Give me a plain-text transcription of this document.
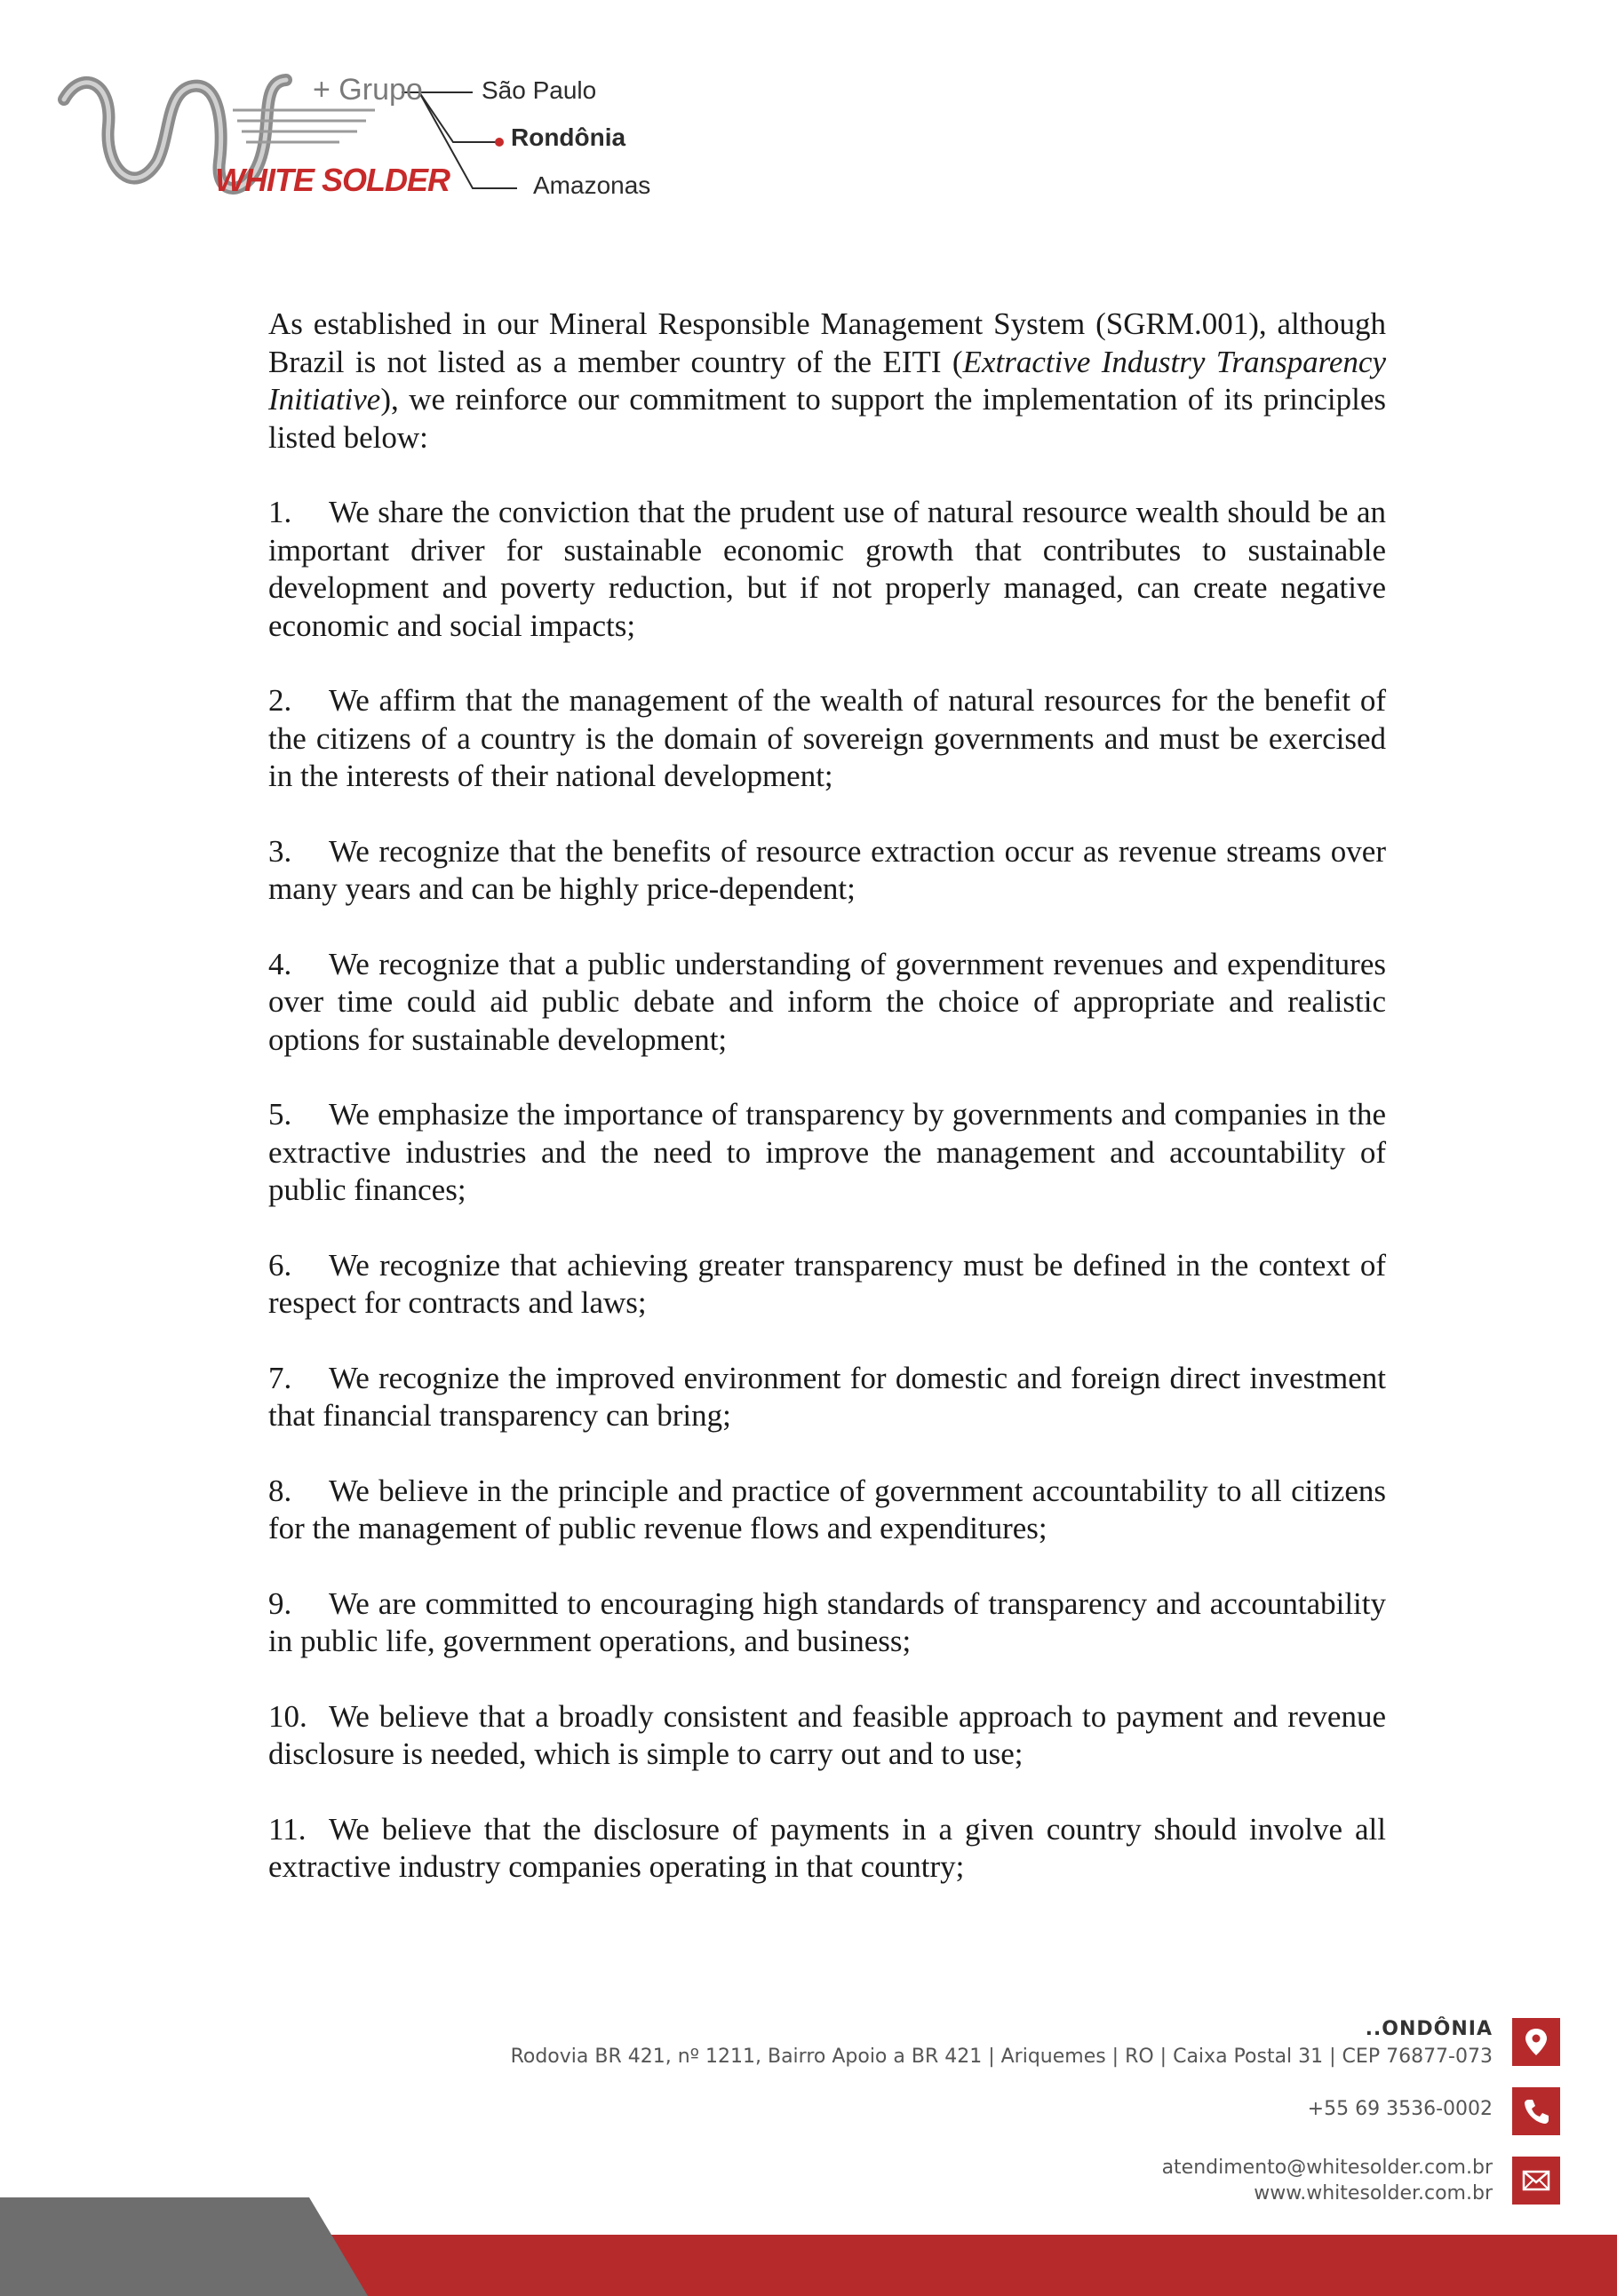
+ Grupo
WHITE SOLDER
São Paulo
Rondônia
Amazonas

As established in our Mineral Responsible Management System (SGRM.001), although Brazil is not listed as a member country of the EITI (Extractive Industry Transparency Initiative), we reinforce our commitment to support the implementation of its principles listed below:

1. We share the conviction that the prudent use of natural resource wealth should be an important driver for sustainable economic growth that contributes to sustainable development and poverty reduction, but if not properly managed, can create negative economic and social impacts;

2. We affirm that the management of the wealth of natural resources for the benefit of the citizens of a country is the domain of sovereign governments and must be exercised in the interests of their national development;

3. We recognize that the benefits of resource extraction occur as revenue streams over many years and can be highly price-dependent;

4. We recognize that a public understanding of government revenues and expenditures over time could aid public debate and inform the choice of appropriate and realistic options for sustainable development;

5. We emphasize the importance of transparency by governments and companies in the extractive industries and the need to improve the management and accountability of public finances;

6. We recognize that achieving greater transparency must be defined in the context of respect for contracts and laws;

7. We recognize the improved environment for domestic and foreign direct investment that financial transparency can bring;

8. We believe in the principle and practice of government accountability to all citizens for the management of public revenue flows and expenditures;

9. We are committed to encouraging high standards of transparency and accountability in public life, government operations, and business;

10. We believe that a broadly consistent and feasible approach to payment and revenue disclosure is needed, which is simple to carry out and to use;

11. We believe that the disclosure of payments in a given country should involve all extractive industry companies operating in that country;

..ONDÔNIA
Rodovia BR 421, nº 1211, Bairro Apoio a BR 421 | Ariquemes | RO | Caixa Postal 31 | CEP 76877-073
+55 69 3536-0002
atendimento@whitesolder.com.br
www.whitesolder.com.br
